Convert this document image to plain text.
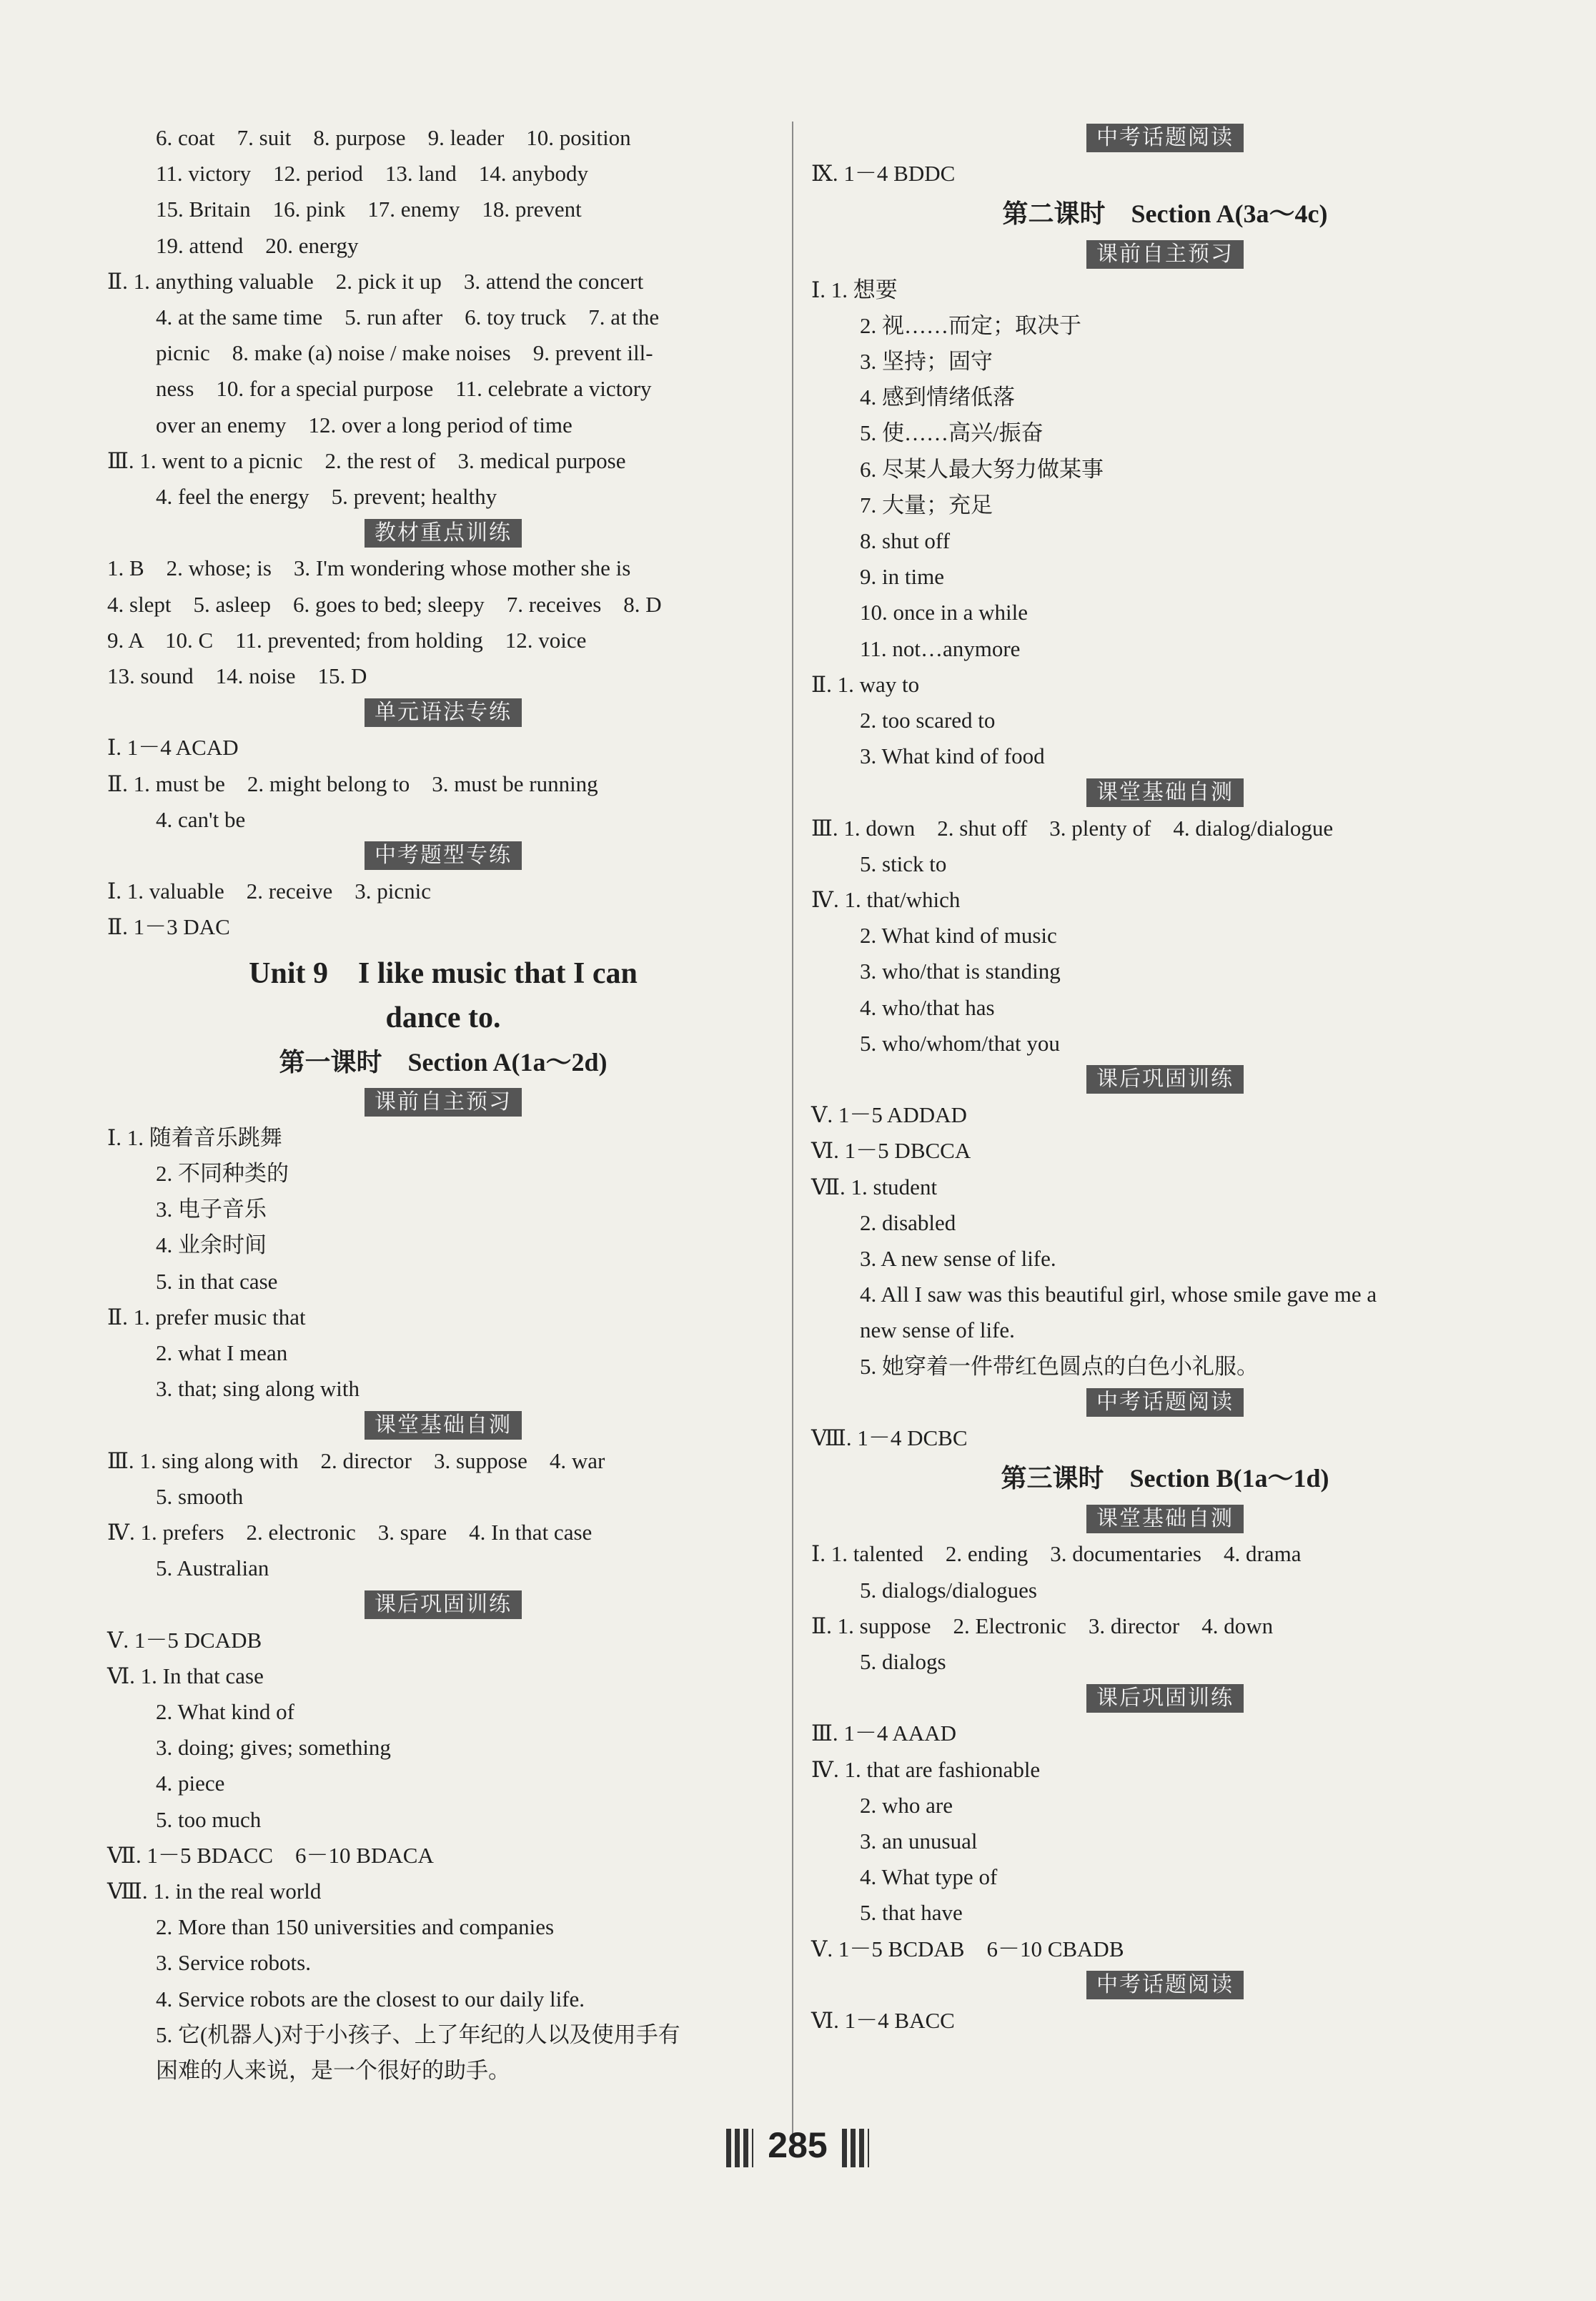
6. coat　7. suit　8. purpose　9. leader　10. position
11. victory　12. period　13. land　14. anybody
15. Britain　16. pink　17. enemy　18. prevent
19. attend　20. energy
Ⅱ. 1. anything valuable　2. pick it up　3. attend the concert
4. at the same time　5. run after　6. toy truck　7. at the
picnic　8. make (a) noise / make noises　9. prevent ill-
ness　10. for a special purpose　11. celebrate a victory
over an enemy　12. over a long period of time
Ⅲ. 1. went to a picnic　2. the rest of　3. medical purpose
4. feel the energy　5. prevent; healthy
教材重点训练
1. B　2. whose; is　3. I'm wondering whose mother she is
4. slept　5. asleep　6. goes to bed; sleepy　7. receives　8. D
9. A　10. C　11. prevented; from holding　12. voice
13. sound　14. noise　15. D
单元语法专练
Ⅰ. 1－4 ACAD
Ⅱ. 1. must be　2. might belong to　3. must be running
4. can't be
中考题型专练
Ⅰ. 1. valuable　2. receive　3. picnic
Ⅱ. 1－3 DAC
Unit 9　I like music that I can
dance to.
第一课时　Section A(1a～2d)
课前自主预习
Ⅰ. 1. 随着音乐跳舞
2. 不同种类的
3. 电子音乐
4. 业余时间
5. in that case
Ⅱ. 1. prefer music that
2. what I mean
3. that; sing along with
课堂基础自测
Ⅲ. 1. sing along with　2. director　3. suppose　4. war
5. smooth
Ⅳ. 1. prefers　2. electronic　3. spare　4. In that case
5. Australian
课后巩固训练
Ⅴ. 1－5 DCADB
Ⅵ. 1. In that case
2. What kind of
3. doing; gives; something
4. piece
5. too much
Ⅶ. 1－5 BDACC　6－10 BDACA
Ⅷ. 1. in the real world
2. More than 150 universities and companies
3. Service robots.
4. Service robots are the closest to our daily life.
5. 它(机器人)对于小孩子、上了年纪的人以及使用手有
困难的人来说，是一个很好的助手。
中考话题阅读
Ⅸ. 1－4 BDDC
第二课时　Section A(3a～4c)
课前自主预习
Ⅰ. 1. 想要
2. 视……而定；取决于
3. 坚持；固守
4. 感到情绪低落
5. 使……高兴/振奋
6. 尽某人最大努力做某事
7. 大量；充足
8. shut off
9. in time
10. once in a while
11. not…anymore
Ⅱ. 1. way to
2. too scared to
3. What kind of food
课堂基础自测
Ⅲ. 1. down　2. shut off　3. plenty of　4. dialog/dialogue
5. stick to
Ⅳ. 1. that/which
2. What kind of music
3. who/that is standing
4. who/that has
5. who/whom/that you
课后巩固训练
Ⅴ. 1－5 ADDAD
Ⅵ. 1－5 DBCCA
Ⅶ. 1. student
2. disabled
3. A new sense of life.
4. All I saw was this beautiful girl, whose smile gave me a
new sense of life.
5. 她穿着一件带红色圆点的白色小礼服。
中考话题阅读
Ⅷ. 1－4 DCBC
第三课时　Section B(1a～1d)
课堂基础自测
Ⅰ. 1. talented　2. ending　3. documentaries　4. drama
5. dialogs/dialogues
Ⅱ. 1. suppose　2. Electronic　3. director　4. down
5. dialogs
课后巩固训练
Ⅲ. 1－4 AAAD
Ⅳ. 1. that are fashionable
2. who are
3. an unusual
4. What type of
5. that have
Ⅴ. 1－5 BCDAB　6－10 CBADB
中考话题阅读
Ⅵ. 1－4 BACC
285
